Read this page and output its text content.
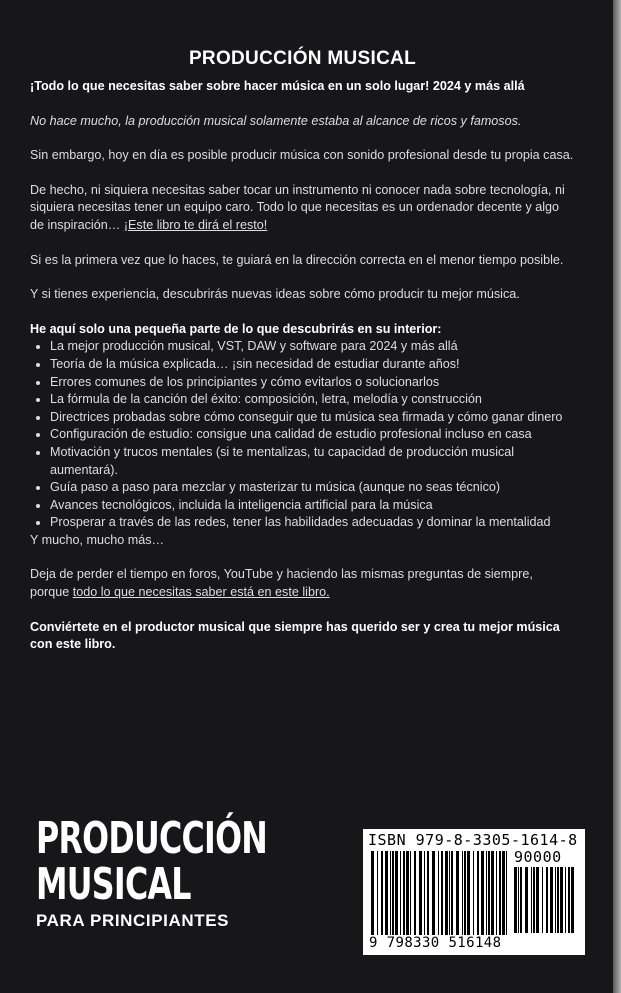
PRODUCCIÓN MUSICAL

¡Todo lo que necesitas saber sobre hacer música en un solo lugar! 2024 y más allá

No hace mucho, la producción musical solamente estaba al alcance de ricos y famosos.

Sin embargo, hoy en día es posible producir música con sonido profesional desde tu propia casa.

De hecho, ni siquiera necesitas saber tocar un instrumento ni conocer nada sobre tecnología, ni siquiera necesitas tener un equipo caro. Todo lo que necesitas es un ordenador decente y algo de inspiración… ¡Este libro te dirá el resto!

Si es la primera vez que lo haces, te guiará en la dirección correcta en el menor tiempo posible.

Y si tienes experiencia, descubrirás nuevas ideas sobre cómo producir tu mejor música.

He aquí solo una pequeña parte de lo que descubrirás en su interior:

• La mejor producción musical, VST, DAW y software para 2024 y más allá
• Teoría de la música explicada… ¡sin necesidad de estudiar durante años!
• Errores comunes de los principiantes y cómo evitarlos o solucionarlos
• La fórmula de la canción del éxito: composición, letra, melodía y construcción
• Directrices probadas sobre cómo conseguir que tu música sea firmada y cómo ganar dinero
• Configuración de estudio: consigue una calidad de estudio profesional incluso en casa
• Motivación y trucos mentales (si te mentalizas, tu capacidad de producción musical aumentará).
• Guía paso a paso para mezclar y masterizar tu música (aunque no seas técnico)
• Avances tecnológicos, incluida la inteligencia artificial para la música
• Prosperar a través de las redes, tener las habilidades adecuadas y dominar la mentalidad

Y mucho, mucho más…

Deja de perder el tiempo en foros, YouTube y haciendo las mismas preguntas de siempre, porque todo lo que necesitas saber está en este libro.

Conviértete en el productor musical que siempre has querido ser y crea tu mejor música con este libro.

PRODUCCIÓN
MUSICAL
PARA PRINCIPIANTES
ISBN 979-8-3305-1614-8
90000
9 798330 516148
